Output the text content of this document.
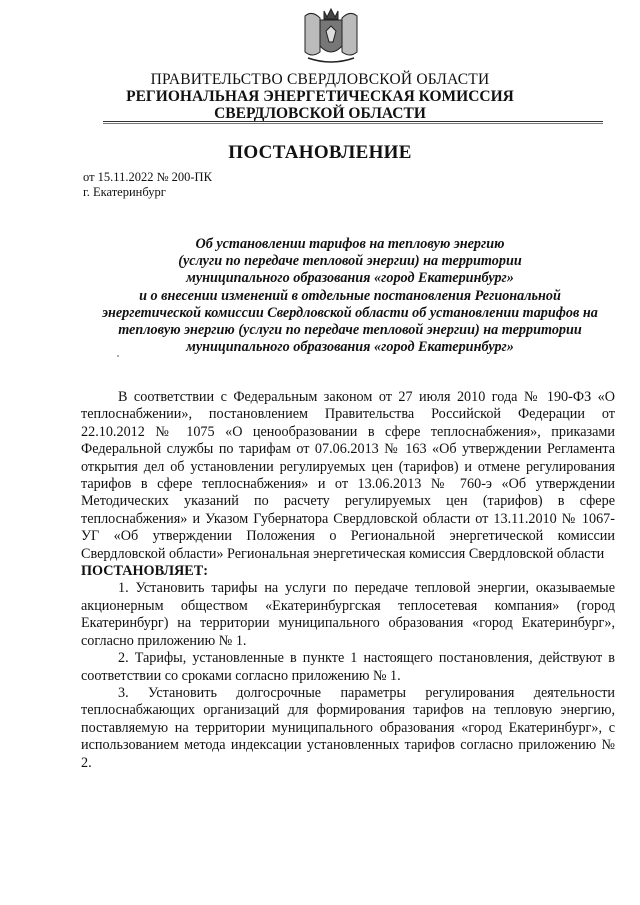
ПРАВИТЕЛЬСТВО СВЕРДЛОВСКОЙ ОБЛАСТИ
РЕГИОНАЛЬНАЯ ЭНЕРГЕТИЧЕСКАЯ КОМИССИЯ
СВЕРДЛОВСКОЙ ОБЛАСТИ
ПОСТАНОВЛЕНИЕ
от 15.11.2022 № 200-ПК
г. Екатеринбург
Об установлении тарифов на тепловую энергию
(услуги по передаче тепловой энергии) на территории
муниципального образования «город Екатеринбург»
и о внесении изменений в отдельные постановления Региональной
энергетической комиссии Свердловской области об установлении тарифов на
тепловую энергию (услуги по передаче тепловой энергии) на территории
муниципального образования «город Екатеринбург»

В соответствии с Федеральным законом от 27 июля 2010 года № 190-ФЗ «О теплоснабжении», постановлением Правительства Российской Федерации от 22.10.2012 № 1075 «О ценообразовании в сфере теплоснабжения», приказами Федеральной службы по тарифам от 07.06.2013 № 163 «Об утверждении Регламента открытия дел об установлении регулируемых цен (тарифов) и отмене регулирования тарифов в сфере теплоснабжения» и от 13.06.2013 № 760-э «Об утверждении Методических указаний по расчету регулируемых цен (тарифов) в сфере теплоснабжения» и Указом Губернатора Свердловской области от 13.11.2010 № 1067-УГ «Об утверждении Положения о Региональной энергетической комиссии Свердловской области» Региональная энергетическая комиссия Свердловской области

ПОСТАНОВЛЯЕТ:

1. Установить тарифы на услуги по передаче тепловой энергии, оказываемые акционерным обществом «Екатеринбургская теплосетевая компания» (город Екатеринбург) на территории муниципального образования «город Екатеринбург», согласно приложению № 1.

2. Тарифы, установленные в пункте 1 настоящего постановления, действуют в соответствии со сроками согласно приложению № 1.

3. Установить долгосрочные параметры регулирования деятельности теплоснабжающих организаций для формирования тарифов на тепловую энергию, поставляемую на территории муниципального образования «город Екатеринбург», с использованием метода индексации установленных тарифов согласно приложению № 2.
